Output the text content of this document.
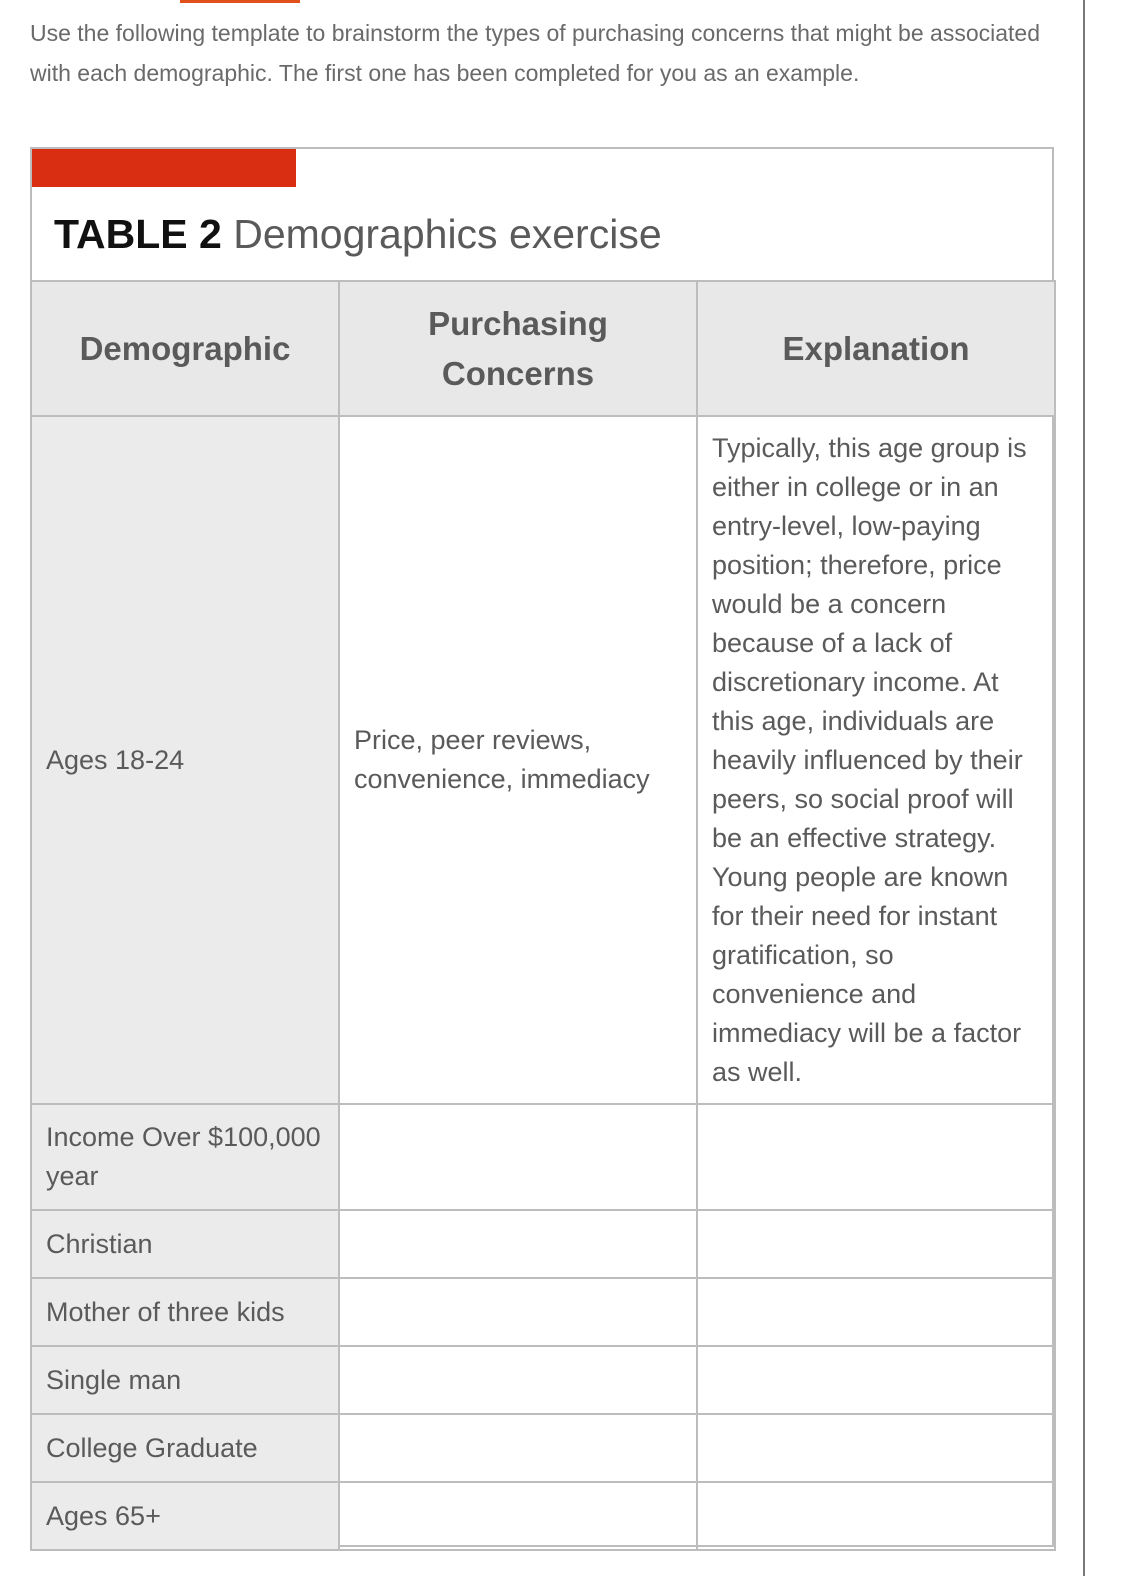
Use the following template to brainstorm the types of purchasing concerns that might be associated with each demographic. The first one has been completed for you as an example.

TABLE 2 Demographics exercise
Demographic	Purchasing Concerns	Explanation
Ages 18-24	Price, peer reviews, convenience, immediacy	Typically, this age group is either in college or in an entry-level, low-paying position; therefore, price would be a concern because of a lack of discretionary income. At this age, individuals are heavily influenced by their peers, so social proof will be an effective strategy. Young people are known for their need for instant gratification, so convenience and immediacy will be a factor as well.
Income Over $100,000 year		
Christian		
Mother of three kids		
Single man		
College Graduate		
Ages 65+		
